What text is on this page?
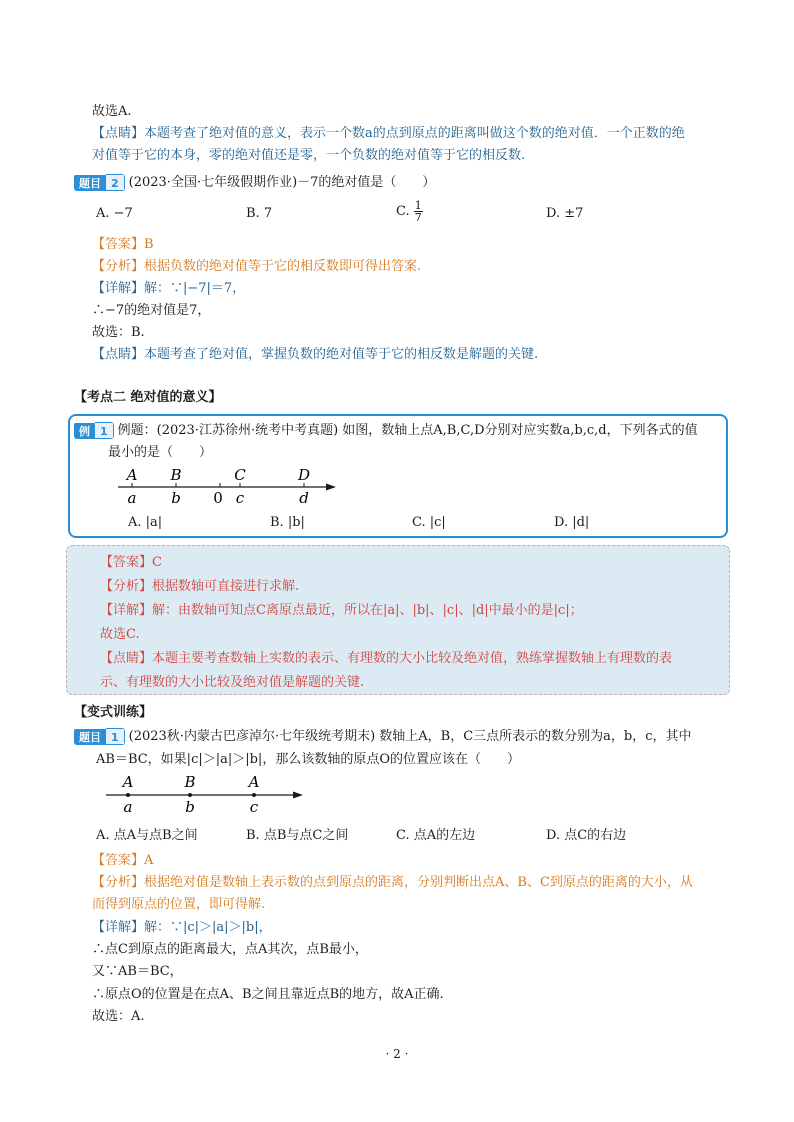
故选A.
【点睛】本题考查了绝对值的意义，表示一个数a的点到原点的距离叫做这个数的绝对值．一个正数的绝
对值等于它的本身，零的绝对值还是零，一个负数的绝对值等于它的相反数.
题目 2 (2023·全国·七年级假期作业)－7的绝对值是（　　）
A. −7	B. 7	C. $\frac{1}{7}$	D. ±7
【答案】B
【分析】根据负数的绝对值等于它的相反数即可得出答案.
【详解】解：∵|−7|＝7，
∴−7的绝对值是7，
故选：B.
【点睛】本题考查了绝对值，掌握负数的绝对值等于它的相反数是解题的关键.
【考点二 绝对值的意义】
例 1 例题：(2023·江苏徐州·统考中考真题) 如图，数轴上点A,B,C,D分别对应实数a,b,c,d，下列各式的值
最小的是（　　）
A B	C	D
a b 0 c	d
A. |a|	B. |b|	C. |c|	D. |d|
【答案】C
【分析】根据数轴可直接进行求解.
【详解】解：由数轴可知点C离原点最近，所以在|a|、|b|、|c|、|d|中最小的是|c|；
故选C.
【点睛】本题主要考查数轴上实数的表示、有理数的大小比较及绝对值，熟练掌握数轴上有理数的表
示、有理数的大小比较及绝对值是解题的关键.
【变式训练】
题目 1 (2023秋·内蒙古巴彦淖尔·七年级统考期末) 数轴上A，B，C三点所表示的数分别为a，b，c，其中
AB＝BC，如果|c|＞|a|＞|b|，那么该数轴的原点O的位置应该在（　　）
A	B	A
a	b	c
A. 点A与点B之间	B. 点B与点C之间	C. 点A的左边	D. 点C的右边
【答案】A
【分析】根据绝对值是数轴上表示数的点到原点的距离，分别判断出点A、B、C到原点的距离的大小，从
而得到原点的位置，即可得解.
【详解】解：∵|c|＞|a|＞|b|，
∴点C到原点的距离最大，点A其次，点B最小，
又∵AB＝BC，
∴原点O的位置是在点A、B之间且靠近点B的地方，故A正确.
故选：A.
· 2 ·
